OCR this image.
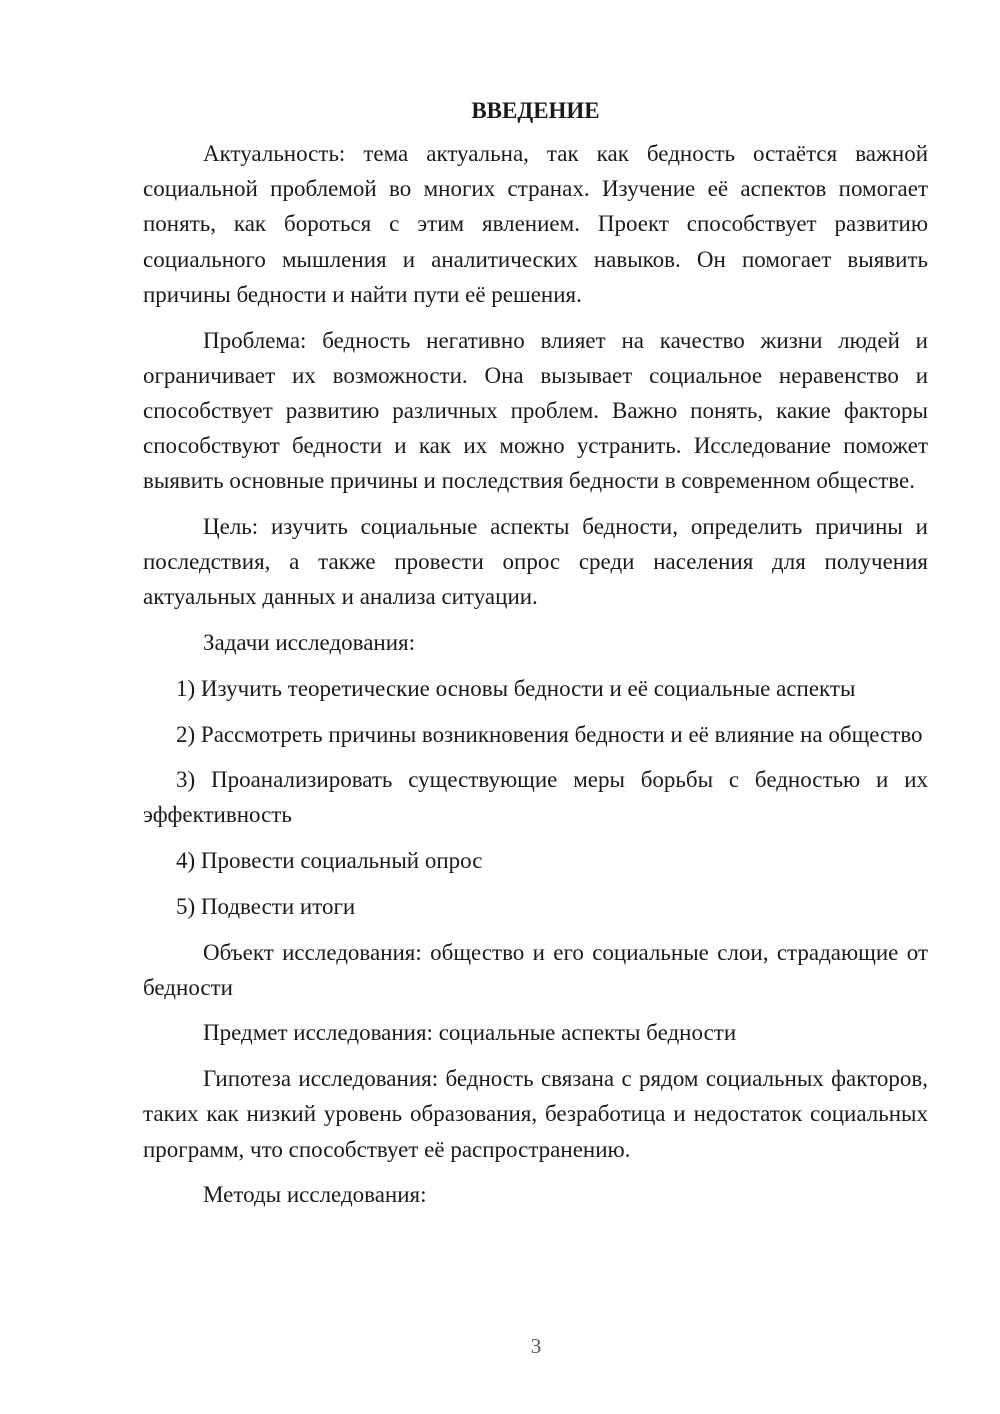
ВВЕДЕНИЕ

Актуальность: тема актуальна, так как бедность остаётся важной социальной проблемой во многих странах. Изучение её аспектов помогает понять, как бороться с этим явлением. Проект способствует развитию социального мышления и аналитических навыков. Он помогает выявить причины бедности и найти пути её решения.

Проблема: бедность негативно влияет на качество жизни людей и ограничивает их возможности. Она вызывает социальное неравенство и способствует развитию различных проблем. Важно понять, какие факторы способствуют бедности и как их можно устранить. Исследование поможет выявить основные причины и последствия бедности в современном обществе.

Цель: изучить социальные аспекты бедности, определить причины и последствия, а также провести опрос среди населения для получения актуальных данных и анализа ситуации.

Задачи исследования:

1) Изучить теоретические основы бедности и её социальные аспекты

2) Рассмотреть причины возникновения бедности и её влияние на общество

3) Проанализировать существующие меры борьбы с бедностью и их эффективность

4) Провести социальный опрос

5) Подвести итоги

Объект исследования: общество и его социальные слои, страдающие от бедности

Предмет исследования: социальные аспекты бедности

Гипотеза исследования: бедность связана с рядом социальных факторов, таких как низкий уровень образования, безработица и недостаток социальных программ, что способствует её распространению.

Методы исследования:

3
